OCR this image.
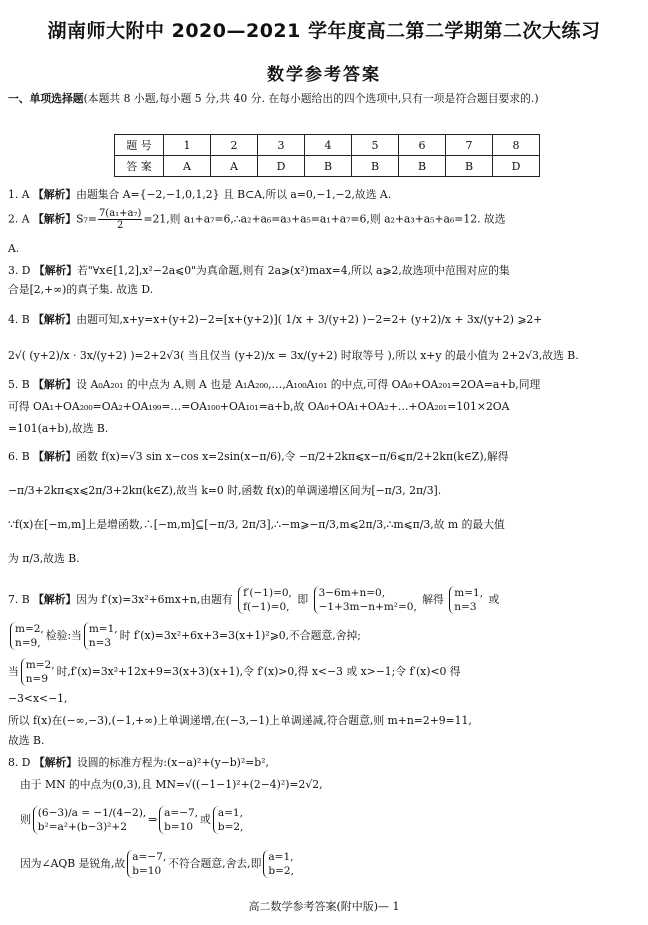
湖南师大附中 2020—2021 学年度高二第二学期第二次大练习
数学参考答案
一、单项选择题(本题共 8 小题,每小题 5 分,共 40 分. 在每小题给出的四个选项中,只有一项是符合题目要求的.)
题 号	1	2	3	4	5	6	7	8
答 案	A	A	D	B	B	B	B	D
1. A 【解析】由题集合 A={−2,−1,0,1,2} 且 B⊂A,所以 a=0,−1,−2,故选 A.
2. A 【解析】$S_7= \frac{\text{7(a₁+a₇)}}{2} =21$,则 a₁+a₇=6,∴a₂+a₆=a₃+a₅=a₁+a₇=6,则 a₂+a₃+a₅+a₆=12. 故选
A.
3. D 【解析】若"∀x∈[1,2],x²−2a⩽0"为真命题,则有 2a⩾(x²)max=4,所以 a⩾2,故选项中范围对应的集
合是[2,+∞)的真子集. 故选 D.
4. B 【解析】由题可知,x+y=x+(y+2)−2=[x+(y+2)]( 1/x + 3/(y+2) )−2=2+ (y+2)/x + 3x/(y+2) ⩾2+
2√( (y+2)/x · 3x/(y+2) )=2+2√3( 当且仅当 (y+2)/x = 3x/(y+2) 时取等号 ),所以 x+y 的最小值为 2+2√3,故选 B.
5. B 【解析】设 A₀A₂₀₁ 的中点为 A,则 A 也是 A₁A₂₀₀,…,A₁₀₀A₁₀₁ 的中点,可得 OA₀+OA₂₀₁=2OA=a+b,同理
可得 OA₁+OA₂₀₀=OA₂+OA₁₉₉=…=OA₁₀₀+OA₁₀₁=a+b,故 OA₀+OA₁+OA₂+…+OA₂₀₁=101×2OA
=101(a+b),故选 B.
6. B 【解析】函数 f(x)=√3 sin x−cos x=2sin(x−π/6),令 −π/2+2kπ⩽x−π/6⩽π/2+2kπ(k∈Z),解得
−π/3+2kπ⩽x⩽2π/3+2kπ(k∈Z),故当 k=0 时,函数 f(x)的单调递增区间为[−π/3, 2π/3].
∵f(x)在[−m,m]上是增函数,∴[−m,m]⊆[−π/3, 2π/3],∴−m⩾−π/3,m⩽2π/3,∴m⩽π/3,故 m 的最大值
为 π/3,故选 B.
7. B 【解析】因为 f′(x)=3x²+6mx+n,由题有 f′(−1)=0,
f(−1)=0,
即 3−6m+n=0,
−1+3m−n+m²=0,
解得 m=1,
n=3
或
m=2,
n=9,
检验:当 m=1,
n=3
时 f′(x)=3x²+6x+3=3(x+1)²⩾0,不合题意,舍掉;
当 m=2,
n=9
时,f′(x)=3x²+12x+9=3(x+3)(x+1),令 f′(x)>0,得 x<−3 或 x>−1;令 f′(x)<0 得
−3<x<−1,
所以 f(x)在(−∞,−3),(−1,+∞)上单调递增,在(−3,−1)上单调递减,符合题意,则 m+n=2+9=11,
故选 B.
8. D 【解析】设圆的标准方程为:(x−a)²+(y−b)²=b²,
由于 MN 的中点为(0,3),且 MN=√((−1−1)²+(2−4)²)=2√2,
则 (6−3)/a = −1/(4−2),
b²=a²+(b−3)²+2
⇒ a=−7,
b=10
或 a=1,
b=2,
因为∠AQB 是锐角,故 a=−7,
b=10
不符合题意,舍去,即 a=1,
b=2,
高二数学参考答案(附中版)— 1
